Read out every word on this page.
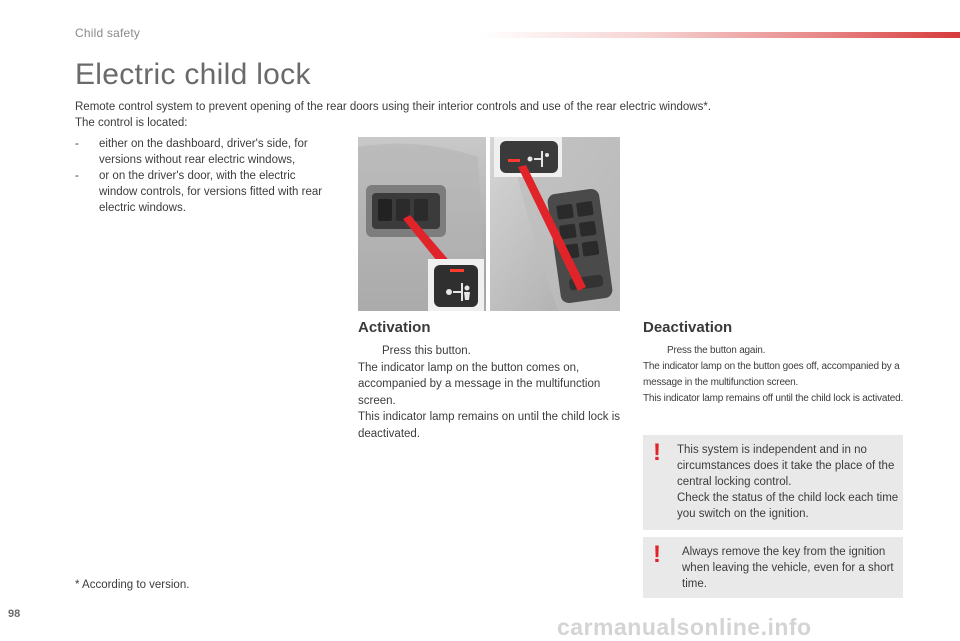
Child safety
Electric child lock

Remote control system to prevent opening of the rear doors using their interior controls and use of the rear electric windows*.

The control is located:

- either on the dashboard, driver's side, for versions without rear electric windows,
- or on the driver's door, with the electric window controls, for versions fitted with rear electric windows.
Activation

Press this button.

The indicator lamp on the button comes on, accompanied by a message in the multifunction screen.

This indicator lamp remains on until the child lock is deactivated.

Deactivation

Press the button again.

The indicator lamp on the button goes off, accompanied by a message in the multifunction screen.

This indicator lamp remains off until the child lock is activated.

! This system is independent and in no circumstances does it take the place of the central locking control.

Check the status of the child lock each time you switch on the ignition.

! Always remove the key from the ignition when leaving the vehicle, even for a short time.

* According to version.
98	carmanualsonline.info
